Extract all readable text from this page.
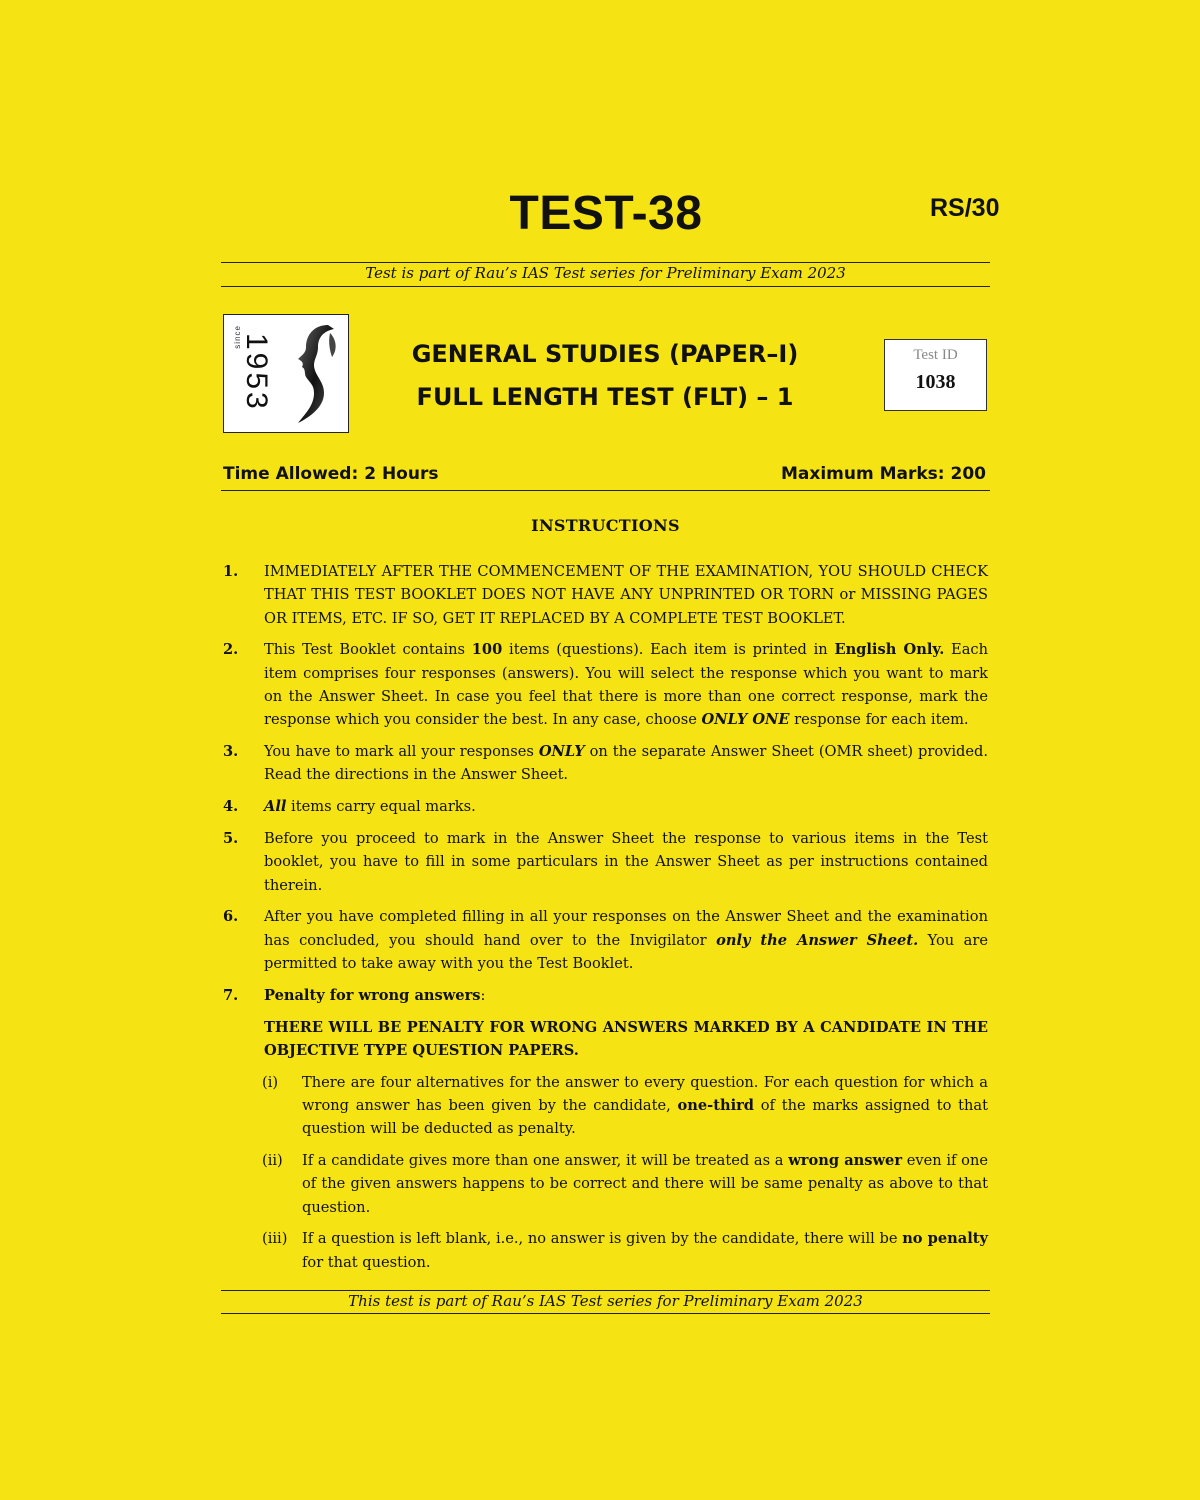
TEST-38	RS/30
Test is part of Rau’s IAS Test series for Preliminary Exam 2023
since
1953	GENERAL STUDIES (PAPER–I)
FULL LENGTH TEST (FLT) – 1
Test ID
1038
Time Allowed: 2 Hours	Maximum Marks: 200
INSTRUCTIONS
1. IMMEDIATELY AFTER THE COMMENCEMENT OF THE EXAMINATION, YOU SHOULD CHECK THAT THIS TEST BOOKLET DOES NOT HAVE ANY UNPRINTED OR TORN or MISSING PAGES OR ITEMS, ETC. IF SO, GET IT REPLACED BY A COMPLETE TEST BOOKLET.
2. This Test Booklet contains 100 items (questions). Each item is printed in English Only. Each item comprises four responses (answers). You will select the response which you want to mark on the Answer Sheet. In case you feel that there is more than one correct response, mark the response which you consider the best. In any case, choose ONLY ONE response for each item.
3. You have to mark all your responses ONLY on the separate Answer Sheet (OMR sheet) provided. Read the directions in the Answer Sheet.
4. All items carry equal marks.
5. Before you proceed to mark in the Answer Sheet the response to various items in the Test booklet, you have to fill in some particulars in the Answer Sheet as per instructions contained therein.
6. After you have completed filling in all your responses on the Answer Sheet and the examination has concluded, you should hand over to the Invigilator only the Answer Sheet. You are permitted to take away with you the Test Booklet.
7. Penalty for wrong answers:
THERE WILL BE PENALTY FOR WRONG ANSWERS MARKED BY A CANDIDATE IN THE OBJECTIVE TYPE QUESTION PAPERS.
(i) There are four alternatives for the answer to every question. For each question for which a wrong answer has been given by the candidate, one-third of the marks assigned to that question will be deducted as penalty.
(ii) If a candidate gives more than one answer, it will be treated as a wrong answer even if one of the given answers happens to be correct and there will be same penalty as above to that question.
(iii) If a question is left blank, i.e., no answer is given by the candidate, there will be no penalty for that question.
This test is part of Rau’s IAS Test series for Preliminary Exam 2023
